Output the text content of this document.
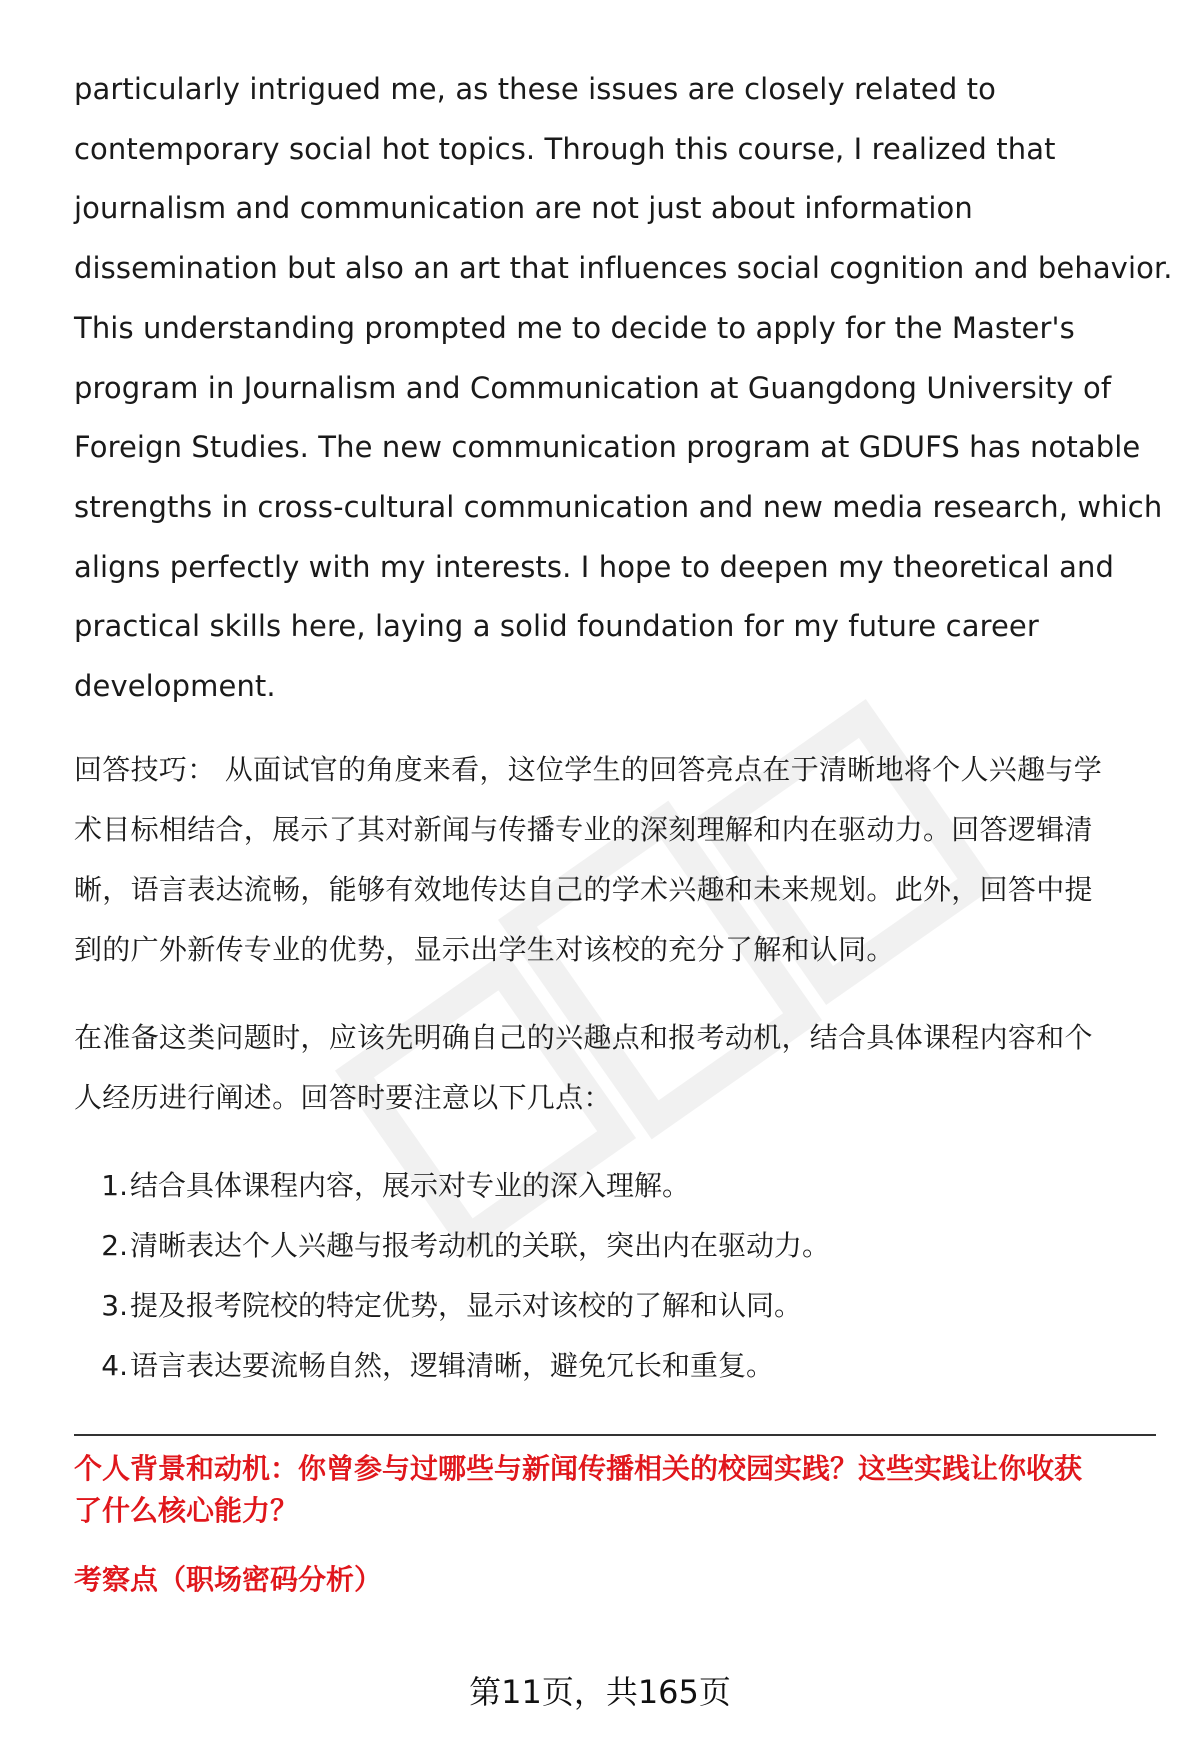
particularly intrigued me, as these issues are closely related to
contemporary social hot topics. Through this course, I realized that
journalism and communication are not just about information
dissemination but also an art that influences social cognition and behavior.
This understanding prompted me to decide to apply for the Master's
program in Journalism and Communication at Guangdong University of
Foreign Studies. The new communication program at GDUFS has notable
strengths in cross-cultural communication and new media research, which
aligns perfectly with my interests. I hope to deepen my theoretical and
practical skills here, laying a solid foundation for my future career
development.

回答技巧： 从面试官的角度来看，这位学生的回答亮点在于清晰地将个人兴趣与学
术目标相结合，展示了其对新闻与传播专业的深刻理解和内在驱动力。回答逻辑清
晰，语言表达流畅，能够有效地传达自己的学术兴趣和未来规划。此外，回答中提
到的广外新传专业的优势，显示出学生对该校的充分了解和认同。

在准备这类问题时，应该先明确自己的兴趣点和报考动机，结合具体课程内容和个
人经历进行阐述。回答时要注意以下几点：

1. 结合具体课程内容，展示对专业的深入理解。
2. 清晰表达个人兴趣与报考动机的关联，突出内在驱动力。
3. 提及报考院校的特定优势，显示对该校的了解和认同。
4. 语言表达要流畅自然，逻辑清晰，避免冗长和重复。
个人背景和动机：你曾参与过哪些与新闻传播相关的校园实践？这些实践让你收获
了什么核心能力？
考察点（职场密码分析）
第11页，共165页
